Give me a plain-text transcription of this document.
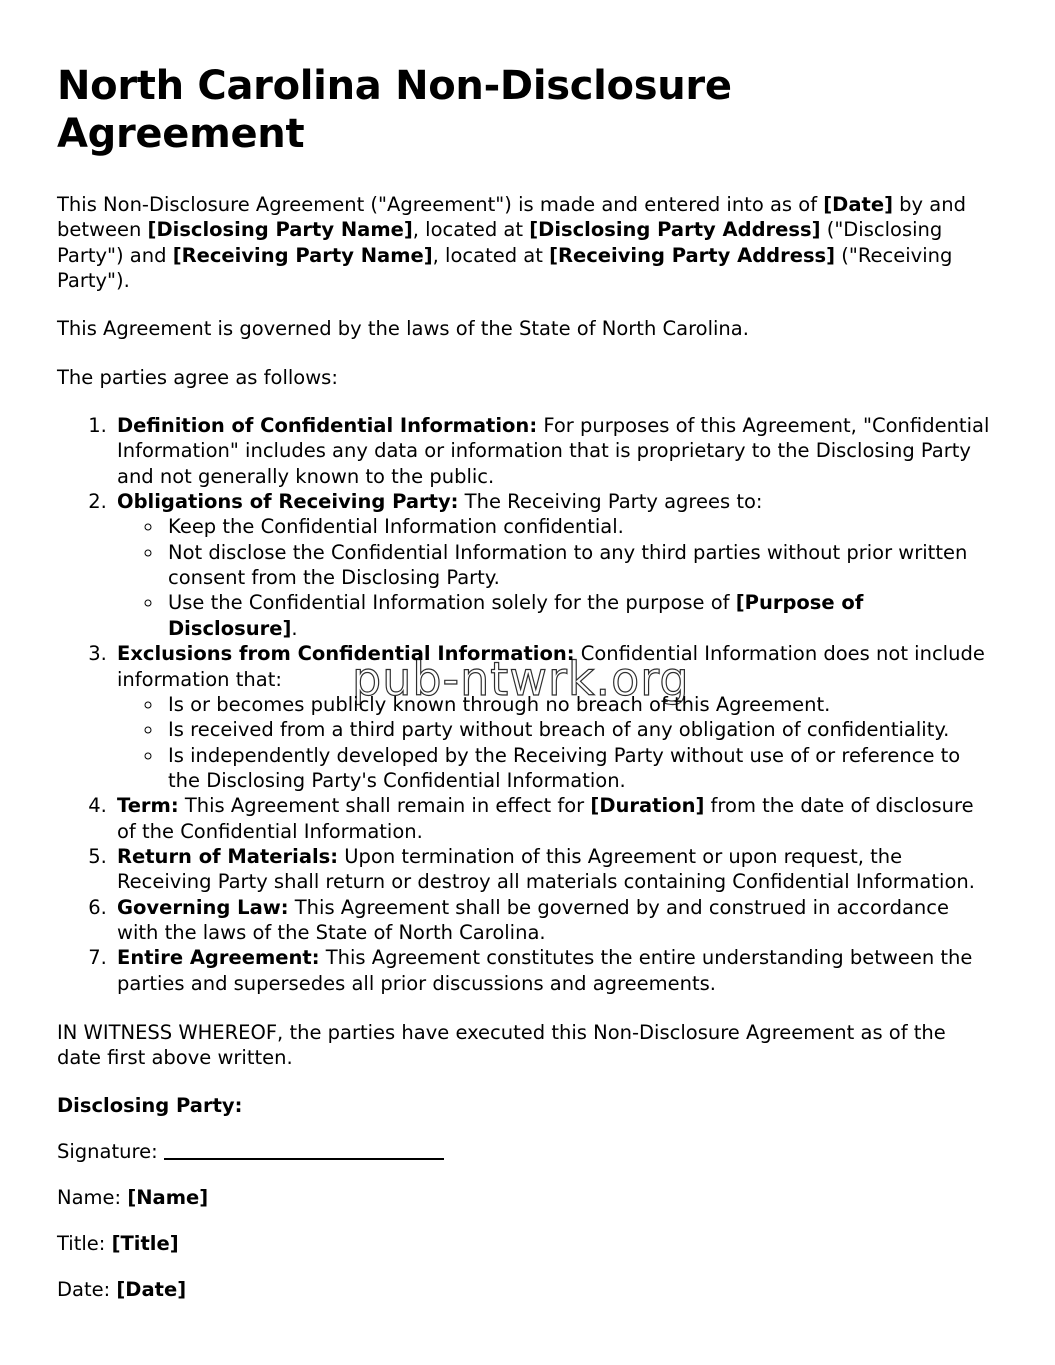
North Carolina Non-Disclosure Agreement

This Non-Disclosure Agreement ("Agreement") is made and entered into as of [Date] by and between [Disclosing Party Name], located at [Disclosing Party Address] ("Disclosing Party") and [Receiving Party Name], located at [Receiving Party Address] ("Receiving Party").

This Agreement is governed by the laws of the State of North Carolina.

The parties agree as follows:

1. Definition of Confidential Information: For purposes of this Agreement, "Confidential Information" includes any data or information that is proprietary to the Disclosing Party and not generally known to the public.
2. Obligations of Receiving Party: The Receiving Party agrees to:
◦ Keep the Confidential Information confidential.
◦ Not disclose the Confidential Information to any third parties without prior written consent from the Disclosing Party.
◦ Use the Confidential Information solely for the purpose of [Purpose of Disclosure].
3. Exclusions from Confidential Information: Confidential Information does not include information that:
◦ Is or becomes publicly known through no breach of this Agreement.
◦ Is received from a third party without breach of any obligation of confidentiality.
◦ Is independently developed by the Receiving Party without use of or reference to the Disclosing Party's Confidential Information.
4. Term: This Agreement shall remain in effect for [Duration] from the date of disclosure of the Confidential Information.
5. Return of Materials: Upon termination of this Agreement or upon request, the Receiving Party shall return or destroy all materials containing Confidential Information.
6. Governing Law: This Agreement shall be governed by and construed in accordance with the laws of the State of North Carolina.
7. Entire Agreement: This Agreement constitutes the entire understanding between the parties and supersedes all prior discussions and agreements.

IN WITNESS WHEREOF, the parties have executed this Non-Disclosure Agreement as of the date first above written.

Disclosing Party:

Signature:

Name: [Name]

Title: [Title]

Date: [Date]

pub-ntwrk.org
